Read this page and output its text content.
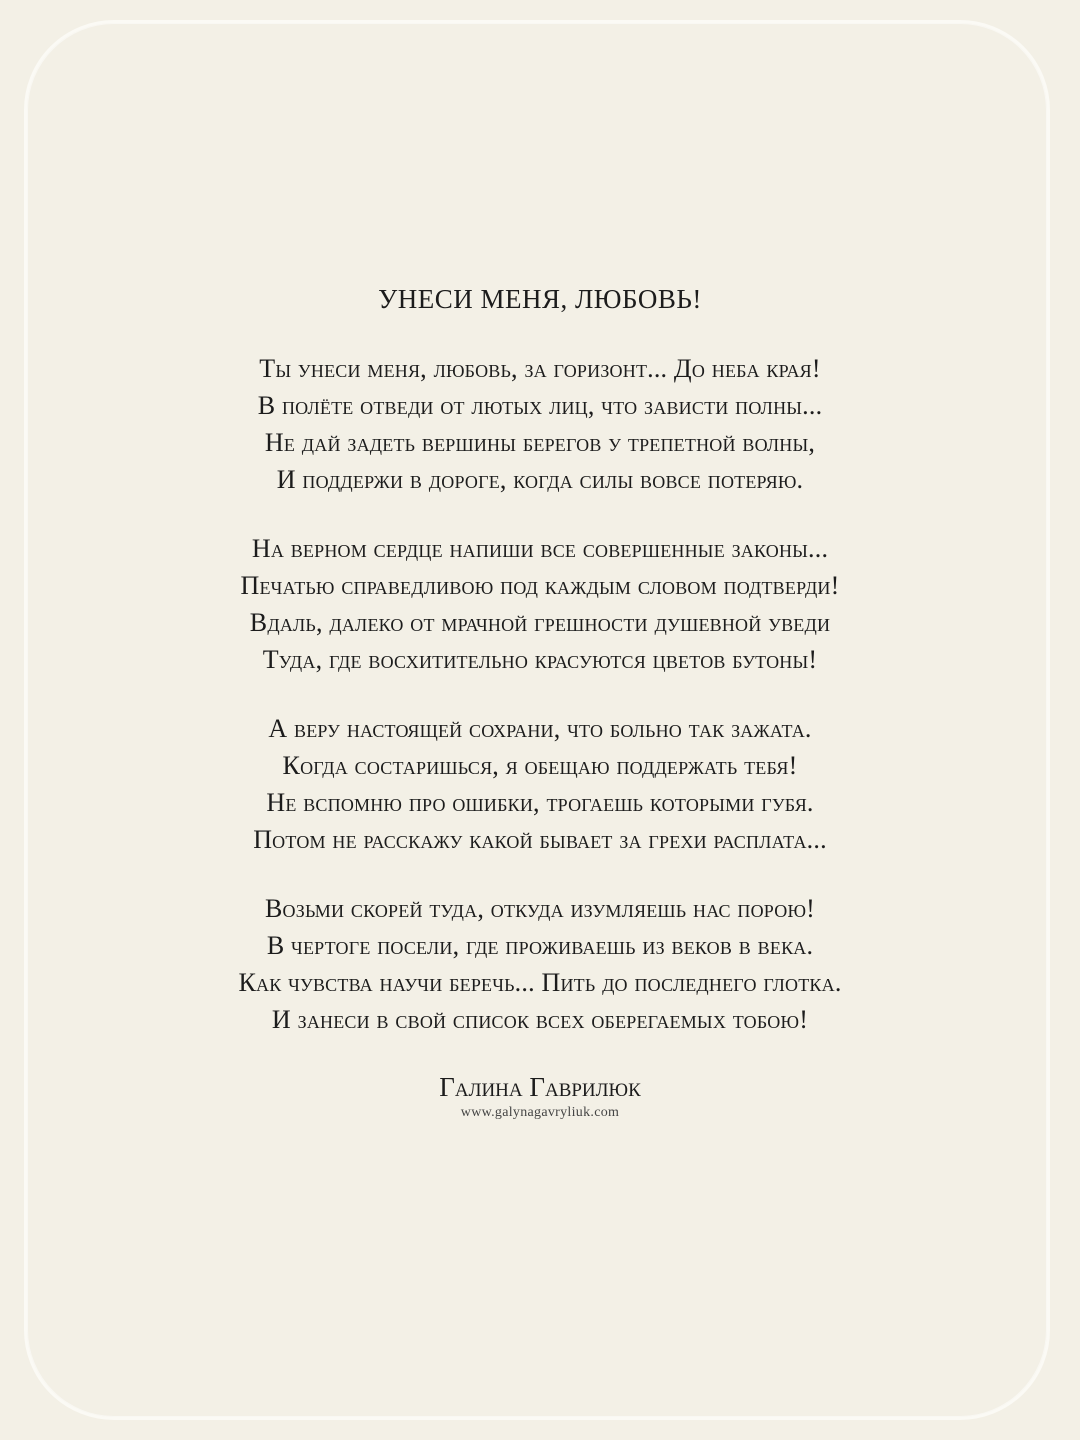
УНЕСИ МЕНЯ, ЛЮБОВЬ!
Ты унеси меня, любовь, за горизонт... До неба края!
В полёте отведи от лютых лиц, что зависти полны...
Не дай задеть вершины берегов у трепетной волны,
И поддержи в дороге, когда силы вовсе потеряю.
На верном сердце напиши все совершенные законы...
Печатью справедливою под каждым словом подтверди!
Вдаль, далеко от мрачной грешности душевной уведи
Туда, где восхитительно красуются цветов бутоны!
А веру настоящей сохрани, что больно так зажата.
Когда состаришься, я обещаю поддержать тебя!
Не вспомню про ошибки, трогаешь которыми губя.
Потом не расскажу какой бывает за грехи расплата...
Возьми скорей туда, откуда изумляешь нас порою!
В чертоге посели, где проживаешь из веков в века.
Как чувства научи беречь... Пить до последнего глотка.
И занеси в свой список всех оберегаемых тобою!
Галина Гаврилюк
www.galynagavryliuk.com
